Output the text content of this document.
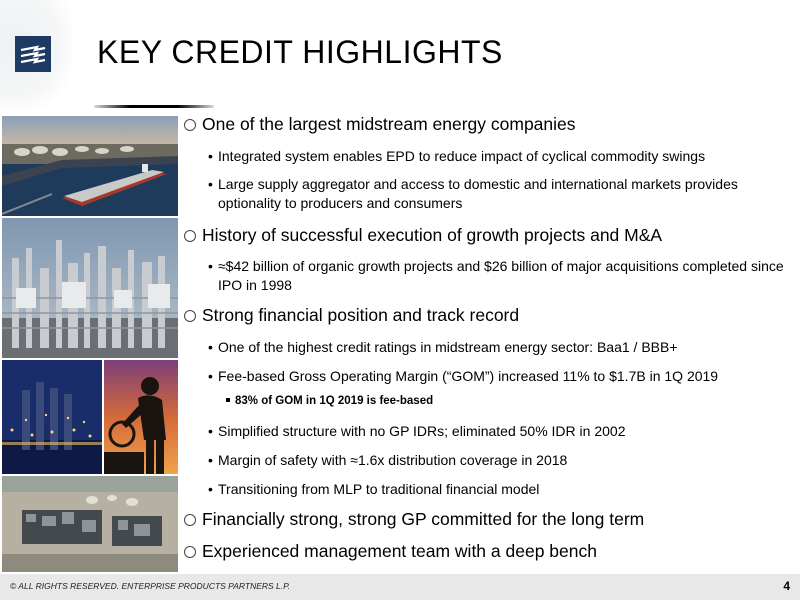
KEY CREDIT HIGHLIGHTS
One of the largest midstream energy companies
• Integrated system enables EPD to reduce impact of cyclical commodity swings
• Large supply aggregator and access to domestic and international markets provides optionality to producers and consumers
History of successful execution of growth projects and M&A
• ≈$42 billion of organic growth projects and $26 billion of major acquisitions completed since IPO in 1998
Strong financial position and track record
• One of the highest credit ratings in midstream energy sector: Baa1 / BBB+
• Fee-based Gross Operating Margin (“GOM”) increased 11% to $1.7B in 1Q 2019
83% of GOM in 1Q 2019 is fee-based
• Simplified structure with no GP IDRs; eliminated 50% IDR in 2002
• Margin of safety with ≈1.6x distribution coverage in 2018
• Transitioning from MLP to traditional financial model
Financially strong, strong GP committed for the long term
Experienced management team with a deep bench
© ALL RIGHTS RESERVED. ENTERPRISE PRODUCTS PARTNERS L.P.	4
